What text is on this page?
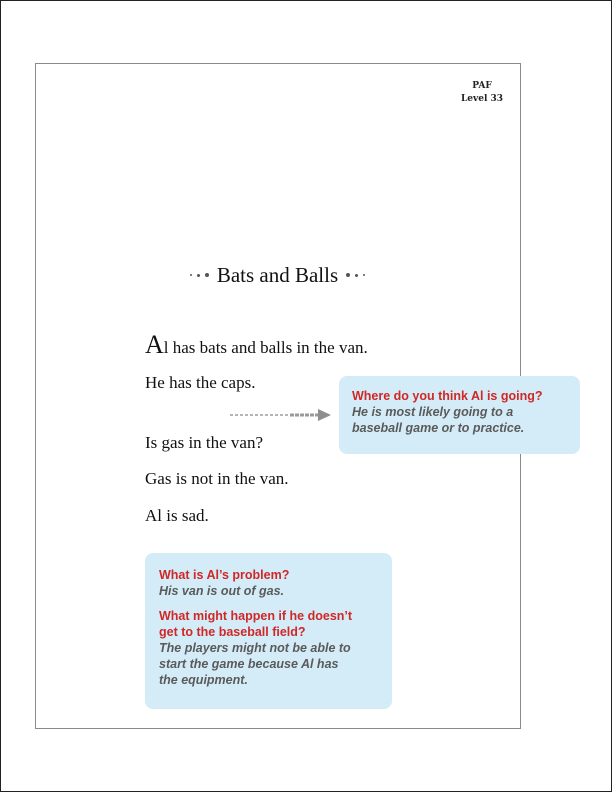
PAF
Level 33
Bats and Balls
Al has bats and balls in the van.
He has the caps.
Is gas in the van?
Gas is not in the van.
Al is sad.
Where do you think Al is going?
He is most likely going to a
baseball game or to practice.
What is Al’s problem?
His van is out of gas.
What might happen if he doesn’t
get to the baseball field?
The players might not be able to
start the game because Al has
the equipment.
